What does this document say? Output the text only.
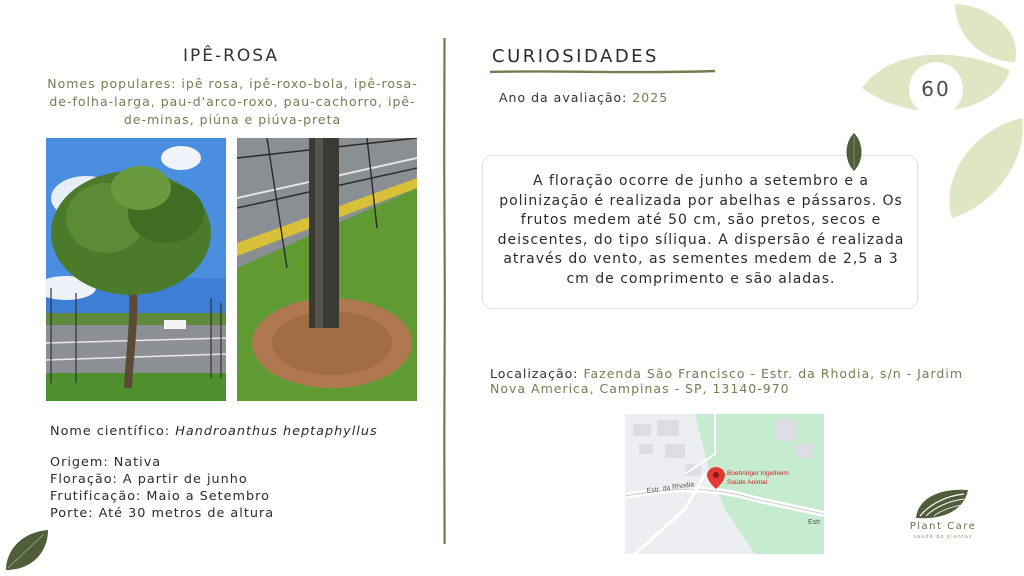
60
IPÊ-ROSA
Nomes populares: ipê rosa, ipê-roxo-bola, ipê-rosa-de-folha-larga, pau-d'arco-roxo, pau-cachorro, ipê-de-minas, piúna e piúva-preta
Nome científico: Handroanthus heptaphyllus
Origem: Nativa
Floração: A partir de junho
Frutificação: Maio a Setembro
Porte: Até 30 metros de altura
CURIOSIDADES
Ano da avaliação: 2025
A floração ocorre de junho a setembro e a polinização é realizada por abelhas e pássaros. Os frutos medem até 50 cm, são pretos, secos e deiscentes, do tipo síliqua. A dispersão é realizada através do vento, as sementes medem de 2,5 a 3 cm de comprimento e são aladas.
Localização: Fazenda São Francisco - Estr. da Rhodia, s/n - Jardim Nova America, Campinas - SP, 13140-970
Estr. da Rhodia
Estr
Boehringer Ingelheim
Saúde Animal
Plant Care
saúde de plantas
